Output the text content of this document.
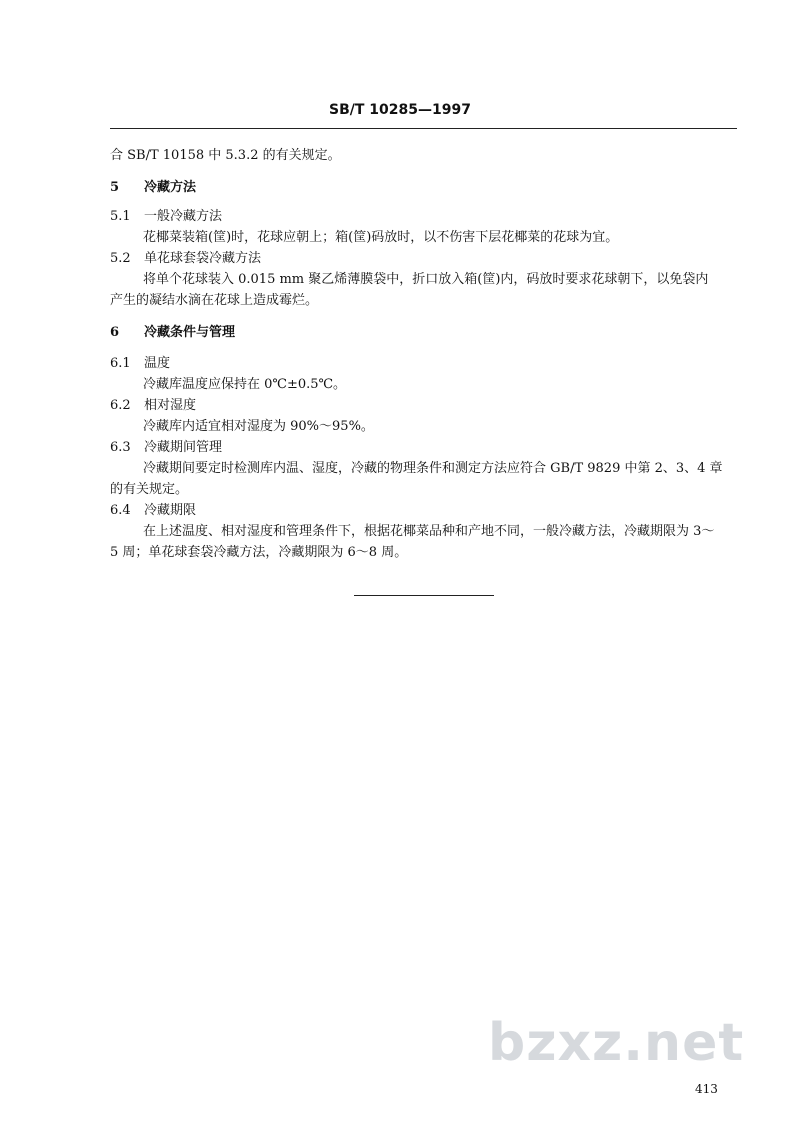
SB/T 10285—1997
合 SB/T 10158 中 5.3.2 的有关规定。
5 冷藏方法
5.1 一般冷藏方法
花椰菜装箱(筐)时，花球应朝上；箱(筐)码放时，以不伤害下层花椰菜的花球为宜。
5.2 单花球套袋冷藏方法
将单个花球装入 0.015 mm 聚乙烯薄膜袋中，折口放入箱(筐)内，码放时要求花球朝下，以免袋内
产生的凝结水滴在花球上造成霉烂。
6 冷藏条件与管理
6.1 温度
冷藏库温度应保持在 0℃±0.5℃。
6.2 相对湿度
冷藏库内适宜相对湿度为 90%～95%。
6.3 冷藏期间管理
冷藏期间要定时检测库内温、湿度，冷藏的物理条件和测定方法应符合 GB/T 9829 中第 2、3、4 章
的有关规定。
6.4 冷藏期限
在上述温度、相对湿度和管理条件下，根据花椰菜品种和产地不同，一般冷藏方法，冷藏期限为 3～
5 周；单花球套袋冷藏方法，冷藏期限为 6～8 周。
bzxz.net
413
